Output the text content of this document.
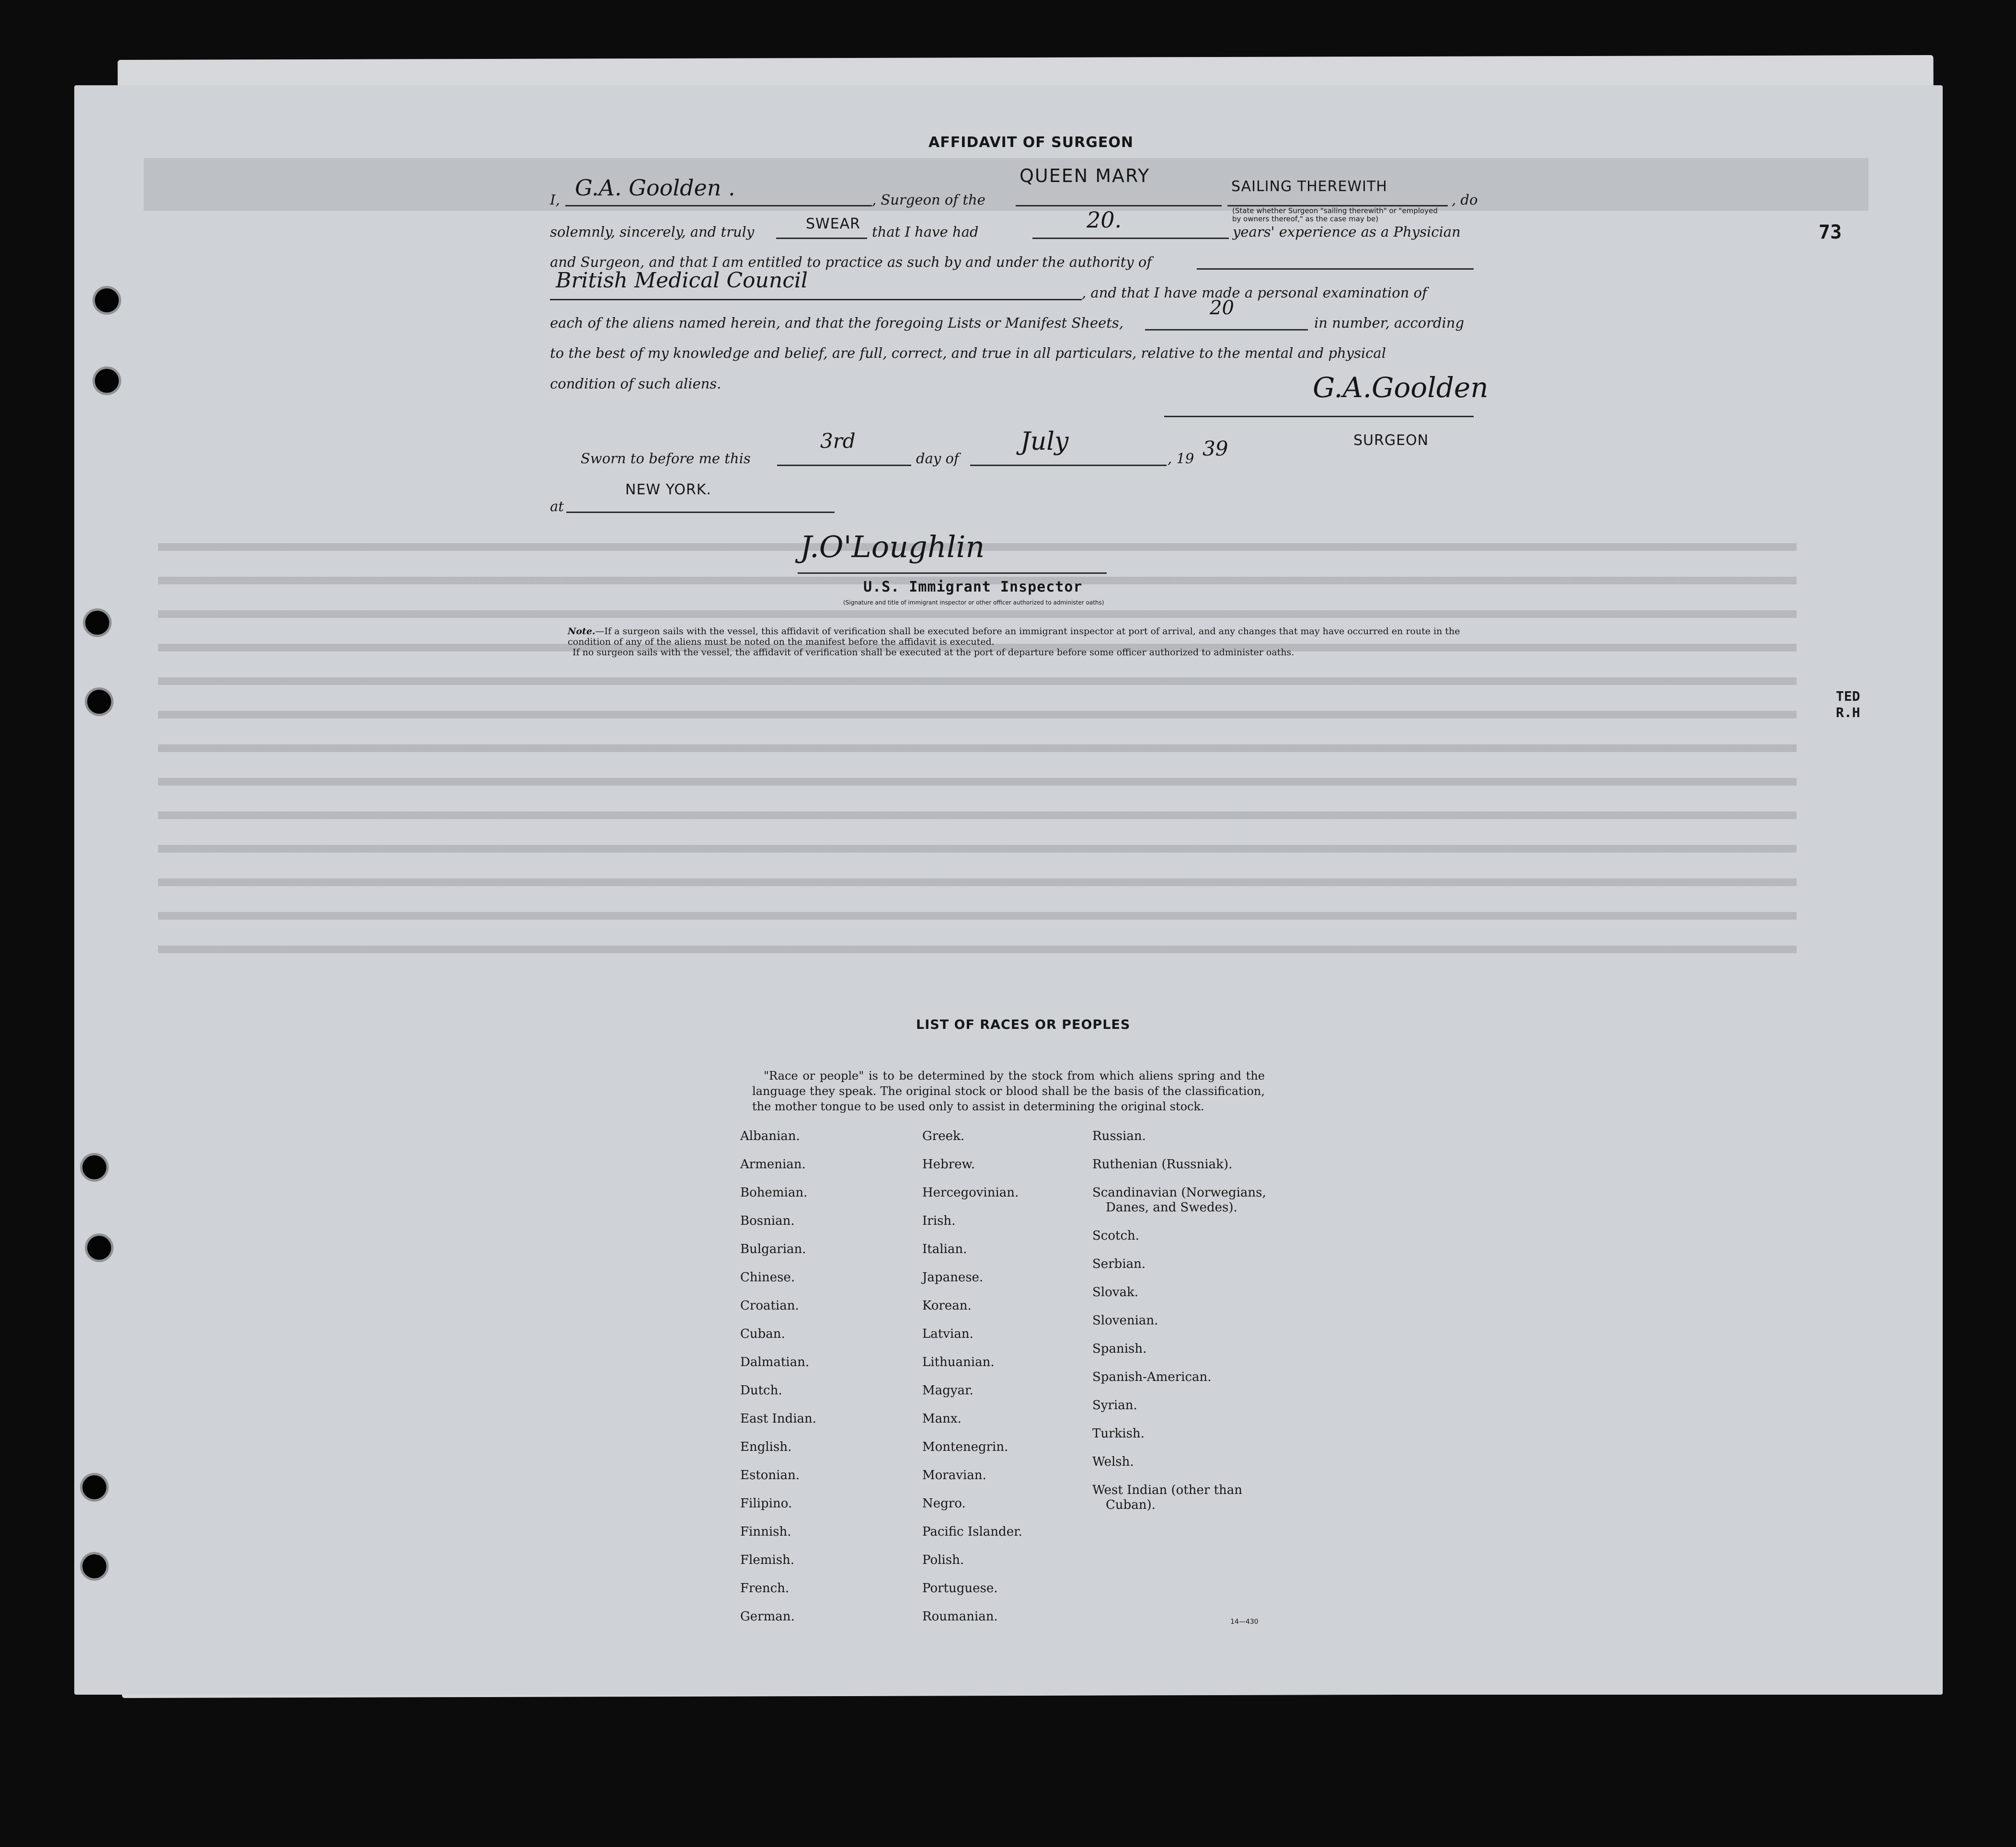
73
TED
R.H
AFFIDAVIT OF SURGEON
I,	, Surgeon of the	, do
G.A. Goolden .	QUEEN MARY
SAILING THEREWITH
(State whether Surgeon "sailing therewith" or "employed by owners thereof," as the case may be)
solemnly, sincerely, and truly	that I have had	years' experience as a Physician
SWEAR	20.
and Surgeon, and that I am entitled to practice as such by and under the authority of
, and that I have made a personal examination of
British Medical Council
each of the aliens named herein, and that the foregoing Lists or Manifest Sheets,	in number, according
20
to the best of my knowledge and belief, are full, correct, and true in all particulars, relative to the mental and physical
condition of such aliens.	G.A.Goolden
SURGEON
Sworn to before me this	day of	, 19
3rd	July	39
at
NEW YORK.
J.O'Loughlin
U.S. Immigrant Inspector
(Signature and title of immigrant inspector or other officer authorized to administer oaths)
Note.—If a surgeon sails with the vessel, this affidavit of verification shall be executed before an immigrant inspector at port of arrival, and any changes that may have occurred en route in the condition of any of the aliens must be noted on the manifest before the affidavit is executed.
If no surgeon sails with the vessel, the affidavit of verification shall be executed at the port of departure before some officer authorized to administer oaths.
LIST OF RACES OR PEOPLES
"Race or people" is to be determined by the stock from which aliens spring and the language they speak. The original stock or blood shall be the basis of the classification, the mother tongue to be used only to assist in determining the original stock.
Albanian.
Armenian.
Bohemian.
Bosnian.
Bulgarian.
Chinese.
Croatian.
Cuban.
Dalmatian.
Dutch.
East Indian.
English.
Estonian.
Filipino.
Finnish.
Flemish.
French.
German.
Greek.
Hebrew.
Hercegovinian.
Irish.
Italian.
Japanese.
Korean.
Latvian.
Lithuanian.
Magyar.
Manx.
Montenegrin.
Moravian.
Negro.
Pacific Islander.
Polish.
Portuguese.
Roumanian.
Russian.
Ruthenian (Russniak).
Scandinavian (Norwegians,
Danes, and Swedes).
Scotch.
Serbian.
Slovak.
Slovenian.
Spanish.
Spanish-American.
Syrian.
Turkish.
Welsh.
West Indian (other than
Cuban).
14—430
